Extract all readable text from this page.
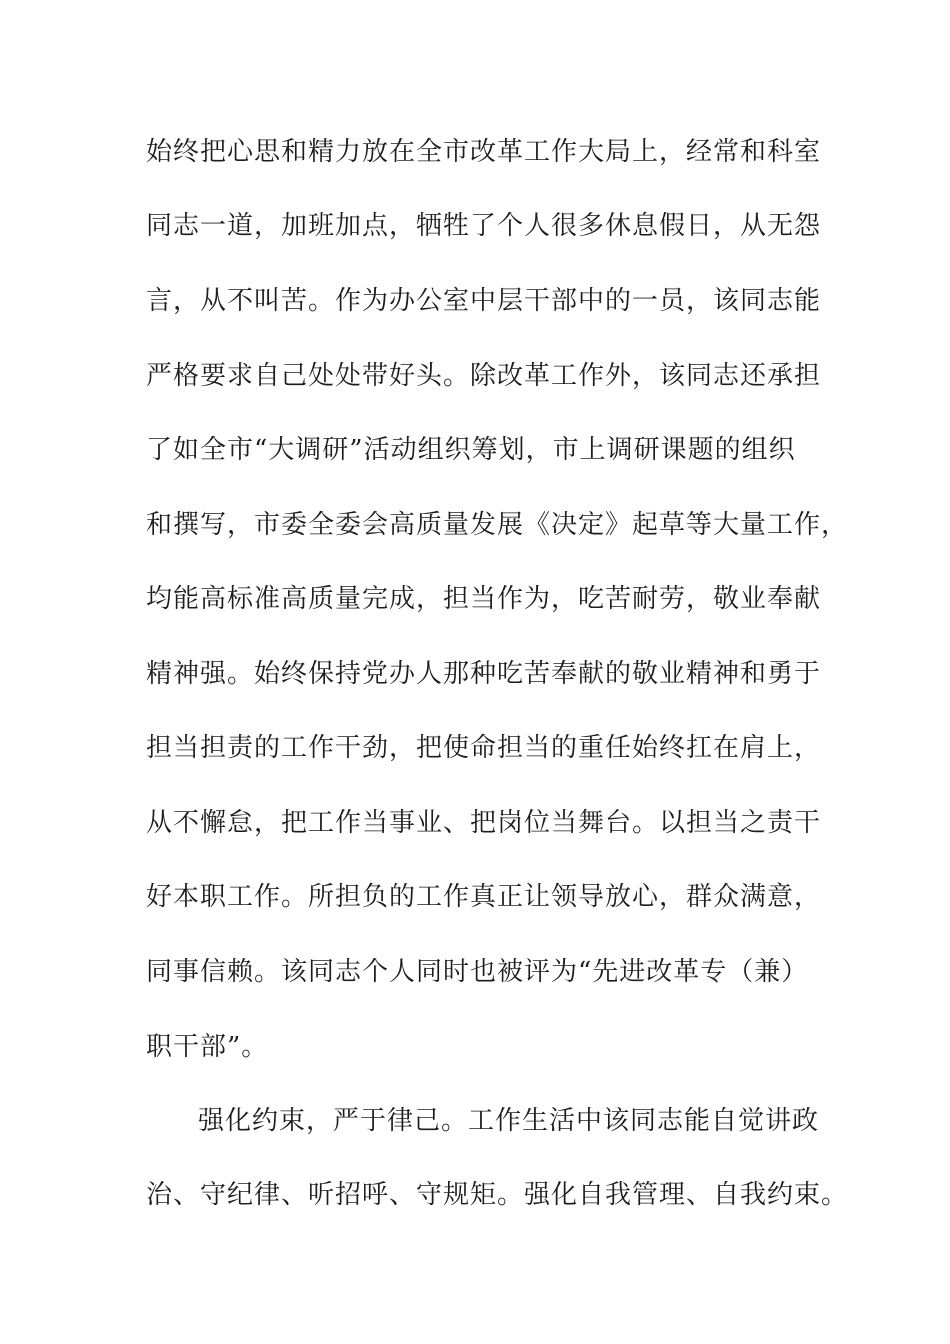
始终把心思和精力放在全市改革工作大局上，经常和科室

同志一道，加班加点，牺牲了个人很多休息假日，从无怨

言，从不叫苦。作为办公室中层干部中的一员，该同志能

严格要求自己处处带好头。除改革工作外，该同志还承担

了如全市“大调研”活动组织筹划，市上调研课题的组织

和撰写，市委全委会高质量发展《决定》起草等大量工作，

均能高标准高质量完成，担当作为，吃苦耐劳，敬业奉献

精神强。始终保持党办人那种吃苦奉献的敬业精神和勇于

担当担责的工作干劲，把使命担当的重任始终扛在肩上，

从不懈怠，把工作当事业、把岗位当舞台。以担当之责干

好本职工作。所担负的工作真正让领导放心，群众满意，

同事信赖。该同志个人同时也被评为“先进改革专（兼）

职干部”。

强化约束，严于律己。工作生活中该同志能自觉讲政

治、守纪律、听招呼、守规矩。强化自我管理、自我约束。
